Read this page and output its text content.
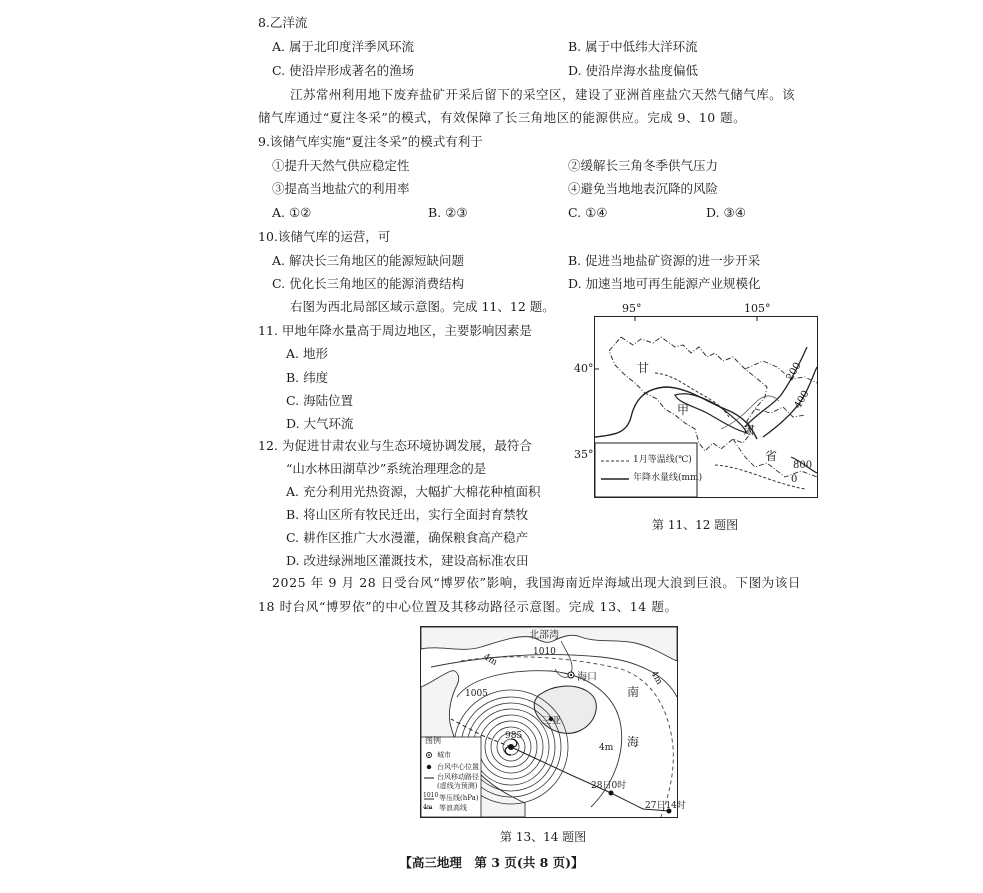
8.乙洋流
A. 属于北印度洋季风环流	B. 属于中低纬大洋环流
C. 使沿岸形成著名的渔场	D. 使沿岸海水盐度偏低
江苏常州利用地下废弃盐矿开采后留下的采空区，建设了亚洲首座盐穴天然气储气库。该
储气库通过“夏注冬采”的模式，有效保障了长三角地区的能源供应。完成 9、10 题。
9.该储气库实施“夏注冬采”的模式有利于
①提升天然气供应稳定性	②缓解长三角冬季供气压力
③提高当地盐穴的利用率	④避免当地地表沉降的风险
A. ①②	B. ②③	C. ①④	D. ③④
10.该储气库的运营，可
A. 解决长三角地区的能源短缺问题	B. 促进当地盐矿资源的进一步开采
C. 优化长三角地区的能源消费结构	D. 加速当地可再生能源产业规模化
右图为西北局部区域示意图。完成 11、12 题。
11. 甲地年降水量高于周边地区，主要影响因素是
A. 地形
B. 纬度
C. 海陆位置
D. 大气环流
12. 为促进甘肃农业与生态环境协调发展，最符合
“山水林田湖草沙”系统治理理念的是
A. 充分利用光热资源，大幅扩大棉花种植面积
B. 将山区所有牧民迁出，实行全面封育禁牧
C. 耕作区推广大水漫灌，确保粮食高产稳产
D. 改进绿洲地区灌溉技术，建设高标准农田
95°	105°
40°
35°
甘
甲
肃
省
200
400
800
0
1月等温线(℃)
年降水量线(mm)
第 11、12 题图
2025 年 9 月 28 日受台风“博罗依”影响，我国海南近岸海域出现大浪到巨浪。下图为该日
18 时台风“博罗依”的中心位置及其移动路径示意图。完成 13、14 题。
北部湾
1010
1005
985
海口
三亚
南
海
4m
4m
4m
28日0时
27日14时
图例
城市
台风中心位置
台风移动路径
(虚线为预测)
1010 等压线(hPa)
4m 等浪高线
第 13、14 题图
【高三地理　第 3 页(共 8 页)】
